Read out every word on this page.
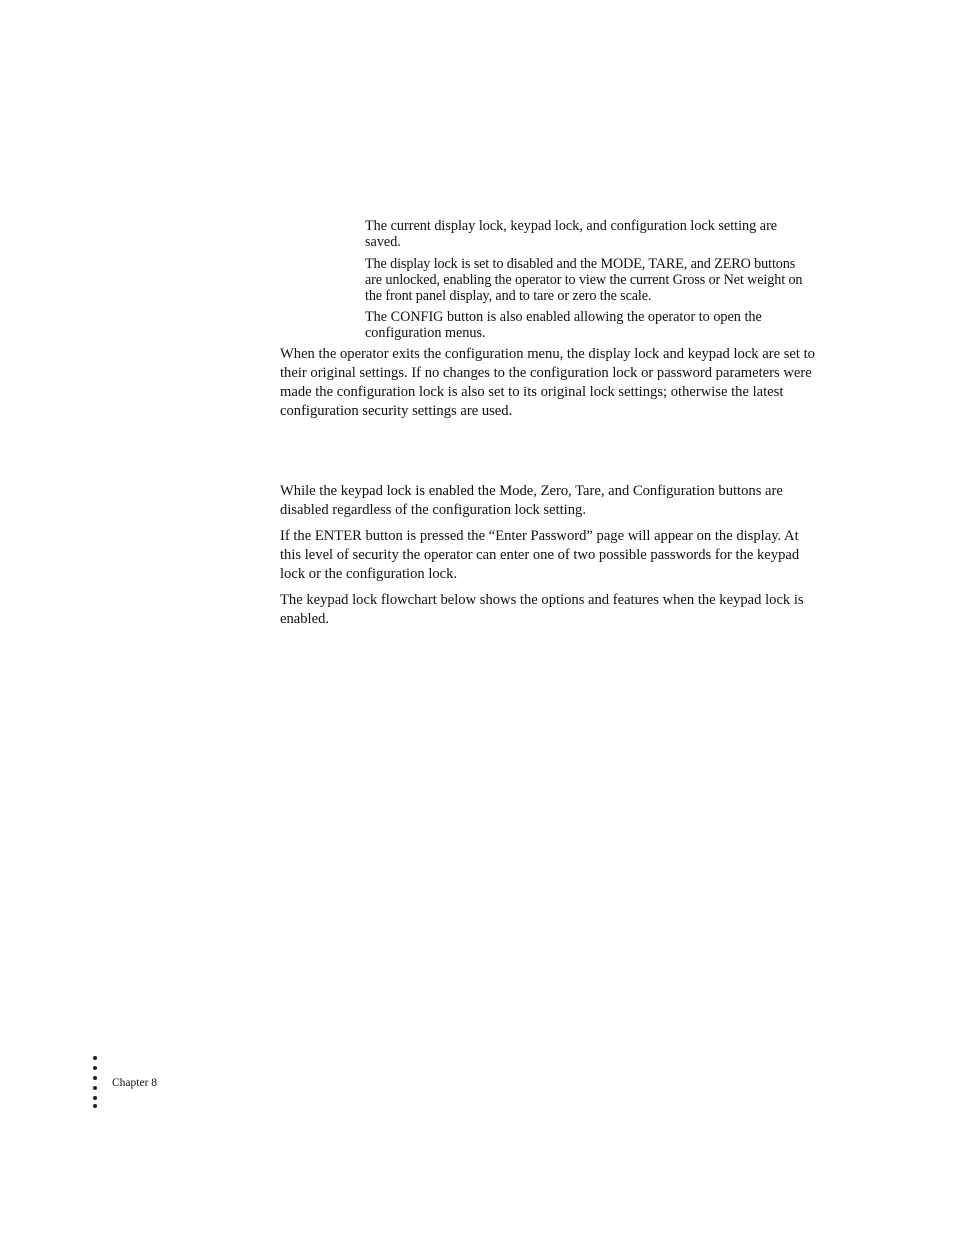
The current display lock, keypad lock, and configuration lock setting are saved.

The display lock is set to disabled and the MODE, TARE, and ZERO buttons are unlocked, enabling the operator to view the current Gross or Net weight on the front panel display, and to tare or zero the scale.

The CONFIG button is also enabled allowing the operator to open the configuration menus.

When the operator exits the configuration menu, the display lock and keypad lock are set to their original settings. If no changes to the configuration lock or password parameters were made the configuration lock is also set to its original lock settings; otherwise the latest configuration security settings are used.

While the keypad lock is enabled the Mode, Zero, Tare, and Configuration buttons are disabled regardless of the configuration lock setting.

If the ENTER button is pressed the “Enter Password” page will appear on the display. At this level of security the operator can enter one of two possible passwords for the keypad lock or the configuration lock.

The keypad lock flowchart below shows the options and features when the keypad lock is enabled.

Chapter 8
